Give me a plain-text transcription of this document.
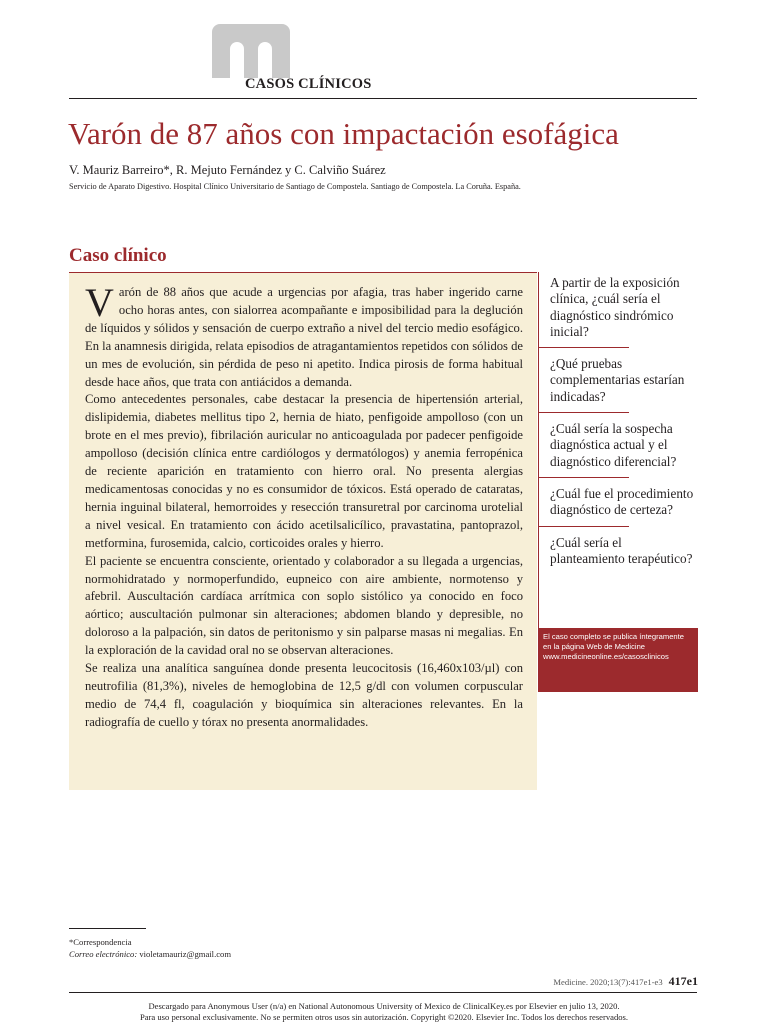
CASOS CLÍNICOS
Varón de 87 años con impactación esofágica
V. Mauriz Barreiro*, R. Mejuto Fernández y C. Calviño Suárez
Servicio de Aparato Digestivo. Hospital Clínico Universitario de Santiago de Compostela. Santiago de Compostela. La Coruña. España.
Caso clínico

Varón de 88 años que acude a urgencias por afagia, tras haber ingerido carne ocho horas antes, con sialorrea acompañante e imposibilidad para la deglución de líquidos y sólidos y sensación de cuerpo extraño a nivel del tercio medio esofágico. En la anamnesis dirigida, relata episodios de atragantamientos repetidos con sólidos de un mes de evolución, sin pérdida de peso ni apetito. Indica pirosis de forma habitual desde hace años, que trata con antiácidos a demanda.

Como antecedentes personales, cabe destacar la presencia de hipertensión arterial, dislipidemia, diabetes mellitus tipo 2, hernia de hiato, penfigoide ampolloso (con un brote en el mes previo), fibrilación auricular no anticoagulada por padecer penfigoide ampolloso (decisión clínica entre cardiólogos y dermatólogos) y anemia ferropénica de reciente aparición en tratamiento con hierro oral. No presenta alergias medicamentosas conocidas y no es consumidor de tóxicos. Está operado de cataratas, hernia inguinal bilateral, hemorroides y resección transuretral por carcinoma urotelial a nivel vesical. En tratamiento con ácido acetilsalicílico, pravastatina, pantoprazol, metformina, furosemida, calcio, corticoides orales y hierro.

El paciente se encuentra consciente, orientado y colaborador a su llegada a urgencias, normohidratado y normoperfundido, eupneico con aire ambiente, normotenso y afebril. Auscultación cardíaca arrítmica con soplo sistólico ya conocido en foco aórtico; auscultación pulmonar sin alteraciones; abdomen blando y depresible, no doloroso a la palpación, sin datos de peritonismo y sin palparse masas ni megalias. En la exploración de la cavidad oral no se observan alteraciones.

Se realiza una analítica sanguínea donde presenta leucocitosis (16,460x103/µl) con neutrofilia (81,3%), niveles de hemoglobina de 12,5 g/dl con volumen corpuscular medio de 74,4 fl, coagulación y bioquímica sin alteraciones relevantes. En la radiografía de cuello y tórax no presenta anormalidades.

A partir de la exposición clínica, ¿cuál sería el diagnóstico sindrómico inicial?
¿Qué pruebas complementarias estarían indicadas?
¿Cuál sería la sospecha diagnóstica actual y el diagnóstico diferencial?
¿Cuál fue el procedimiento diagnóstico de certeza?
¿Cuál sería el planteamiento terapéutico?
El caso completo se publica íntegramente
en la página Web de Medicine
www.medicineonline.es/casosclinicos
*Correspondencia
Correo electrónico: violetamauriz@gmail.com
Medicine. 2020;13(7):417e1-e3 417e1
Descargado para Anonymous User (n/a) en National Autonomous University of Mexico de ClinicalKey.es por Elsevier en julio 13, 2020.
Para uso personal exclusivamente. No se permiten otros usos sin autorización. Copyright ©2020. Elsevier Inc. Todos los derechos reservados.
